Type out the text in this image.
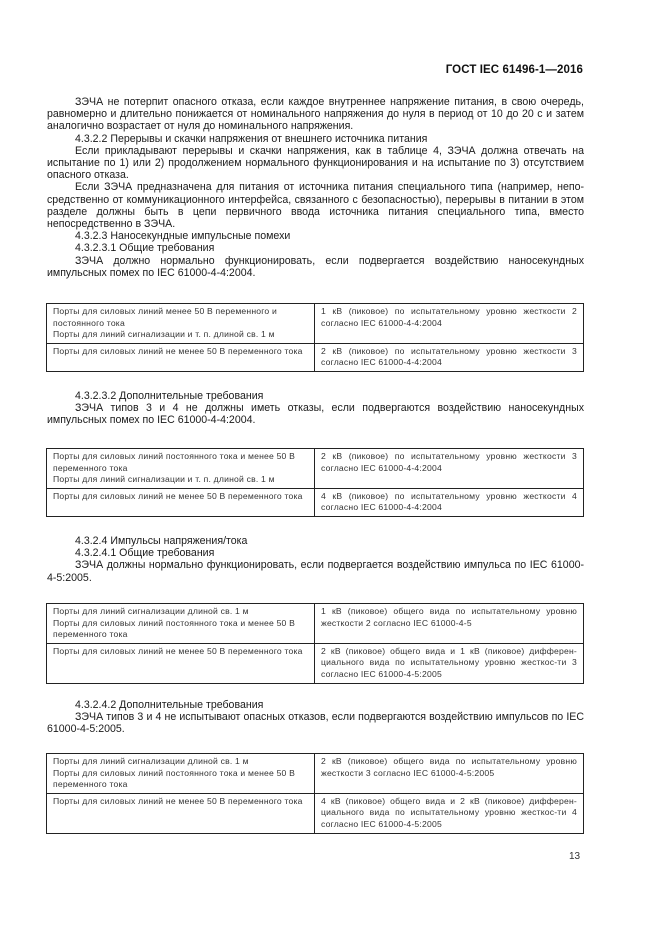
ГОСТ IEC 61496-1—2016

ЗЭЧА не потерпит опасного отказа, если каждое внутреннее напряжение питания, в свою очередь, равномерно и длительно понижается от номинального напряжения до нуля в период от 10 до 20 с и затем аналогично возрастает от нуля до номинального напряжения.

4.3.2.2 Перерывы и скачки напряжения от внешнего источника питания

Если прикладывают перерывы и скачки напряжения, как в таблице 4, ЗЭЧА должна отвечать на испытание по 1) или 2) продолжением нормального функционирования и на испытание по 3) отсутствием опасного отказа.

Если ЗЭЧА предназначена для питания от источника питания специального типа (например, непо-средственно от коммуникационного интерфейса, связанного с безопасностью), перерывы в питании в этом разделе должны быть в цепи первичного ввода источника питания специального типа, вместо непосредственно в ЗЭЧА.

4.3.2.3 Наносекундные импульсные помехи

4.3.2.3.1 Общие требования

ЗЭЧА должно нормально функционировать, если подвергается воздействию наносекундных импульсных помех по IEC 61000-4-4:2004.

Порты для силовых линий менее 50 В переменного и постоянного тока
Порты для линий сигнализации и т. п. длиной св. 1 м	1 кВ (пиковое) по испытательному уровню жесткости 2 согласно IEC 61000-4-4:2004

Порты для силовых линий не менее 50 В переменного тока	2 кВ (пиковое) по испытательному уровню жесткости 3 согласно IEC 61000-4-4:2004

4.3.2.3.2 Дополнительные требования

ЗЭЧА типов 3 и 4 не должны иметь отказы, если подвергаются воздействию наносекундных импульсных помех по IEC 61000-4-4:2004.

Порты для силовых линий постоянного тока и менее 50 В переменного тока
Порты для линий сигнализации и т. п. длиной св. 1 м	2 кВ (пиковое) по испытательному уровню жесткости 3 согласно IEC 61000-4-4:2004

Порты для силовых линий не менее 50 В переменного тока	4 кВ (пиковое) по испытательному уровню жесткости 4 согласно IEC 61000-4-4:2004

4.3.2.4 Импульсы напряжения/тока

4.3.2.4.1 Общие требования

ЗЭЧА должны нормально функционировать, если подвергается воздействию импульса по IEC 61000-4-5:2005.

Порты для линий сигнализации длиной св. 1 м
Порты для силовых линий постоянного тока и менее 50 В переменного тока	1 кВ (пиковое) общего вида по испытательному уровню жесткости 2 согласно IEC 61000-4-5

Порты для силовых линий не менее 50 В переменного тока	2 кВ (пиковое) общего вида и 1 кВ (пиковое) дифферен-циального вида по испытательному уровню жесткос-ти 3 согласно IEC 61000-4-5:2005

4.3.2.4.2 Дополнительные требования

ЗЭЧА типов 3 и 4 не испытывают опасных отказов, если подвергаются воздействию импульсов по IEC 61000-4-5:2005.

Порты для линий сигнализации длиной св. 1 м
Порты для силовых линий постоянного тока и менее 50 В переменного тока	2 кВ (пиковое) общего вида по испытательному уровню жесткости 3 согласно IEC 61000-4-5:2005

Порты для силовых линий не менее 50 В переменного тока	4 кВ (пиковое) общего вида и 2 кВ (пиковое) дифферен-циального вида по испытательному уровню жесткос-ти 4 согласно IEC 61000-4-5:2005
13
